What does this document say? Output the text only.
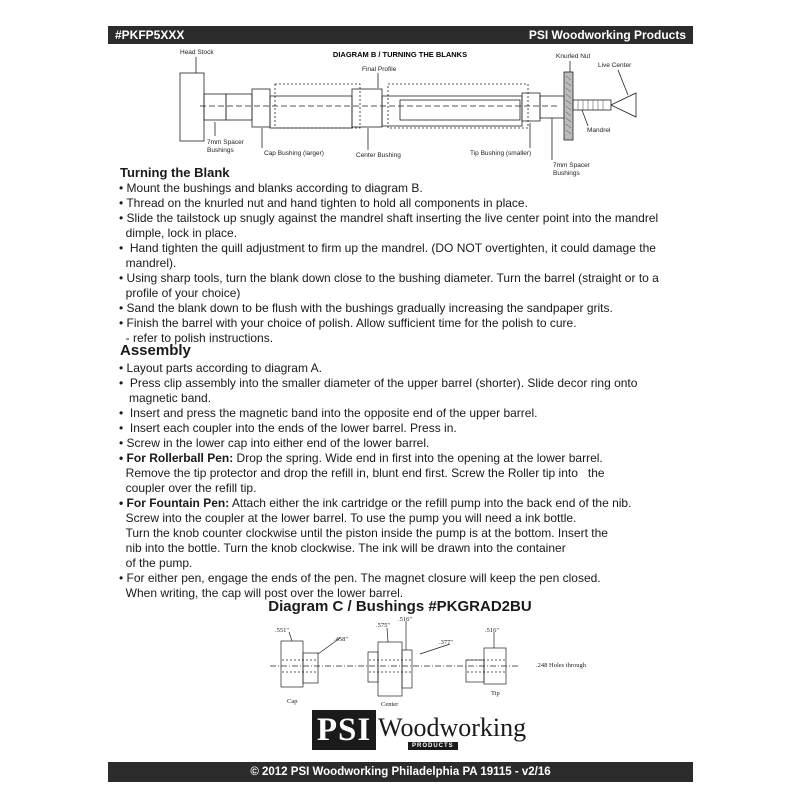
#PKFP5XXX	PSI Woodworking Products
DIAGRAM B / TURNING THE BLANKS
Head Stock
Final Profile
Knurled Nut
Live Center
7mm Spacer
Bushings	Cap Bushing (larger)	Center Bushing	Tip Bushing (smaller)
Mandrel
7mm Spacer
Bushings
Turning the Blank
• Mount the bushings and blanks according to diagram B.
• Thread on the knurled nut and hand tighten to hold all components in place.
• Slide the tailstock up snugly against the mandrel shaft inserting the live center point into the mandrel
dimple, lock in place.
•  Hand tighten the quill adjustment to firm up the mandrel. (DO NOT overtighten, it could damage the
mandrel).
• Using sharp tools, turn the blank down close to the bushing diameter. Turn the barrel (straight or to a
profile of your choice)
• Sand the blank down to be flush with the bushings gradually increasing the sandpaper grits.
• Finish the barrel with your choice of polish. Allow sufficient time for the polish to cure.
- refer to polish instructions.
Assembly
• Layout parts according to diagram A.
•  Press clip assembly into the smaller diameter of the upper barrel (shorter). Slide decor ring onto
magnetic band.
•  Insert and press the magnetic band into the opposite end of the upper barrel.
•  Insert each coupler into the ends of the lower barrel. Press in.
• Screw in the lower cap into either end of the lower barrel.
• For Rollerball Pen: Drop the spring. Wide end in first into the opening at the lower barrel.
Remove the tip protector and drop the refill in, blunt end first. Screw the Roller tip into   the
coupler over the refill tip.
• For Fountain Pen: Attach either the ink cartridge or the refill pump into the back end of the nib.
Screw into the coupler at the lower barrel. To use the pump you will need a ink bottle.
Turn the knob counter clockwise until the piston inside the pump is at the bottom. Insert the
nib into the bottle. Turn the knob clockwise. The ink will be drawn into the container
of the pump.
• For either pen, engage the ends of the pen. The magnet closure will keep the pen closed.
When writing, the cap will post over the lower barrel.
Diagram C / Bushings #PKGRAD2BU
.551"
.458"
.575"
.516"
.377"
.516"
.248 Holes through
Cap	Center
Tip
PSI Woodworking
PRODUCTS
© 2012 PSI Woodworking Philadelphia PA 19115 - v2/16
